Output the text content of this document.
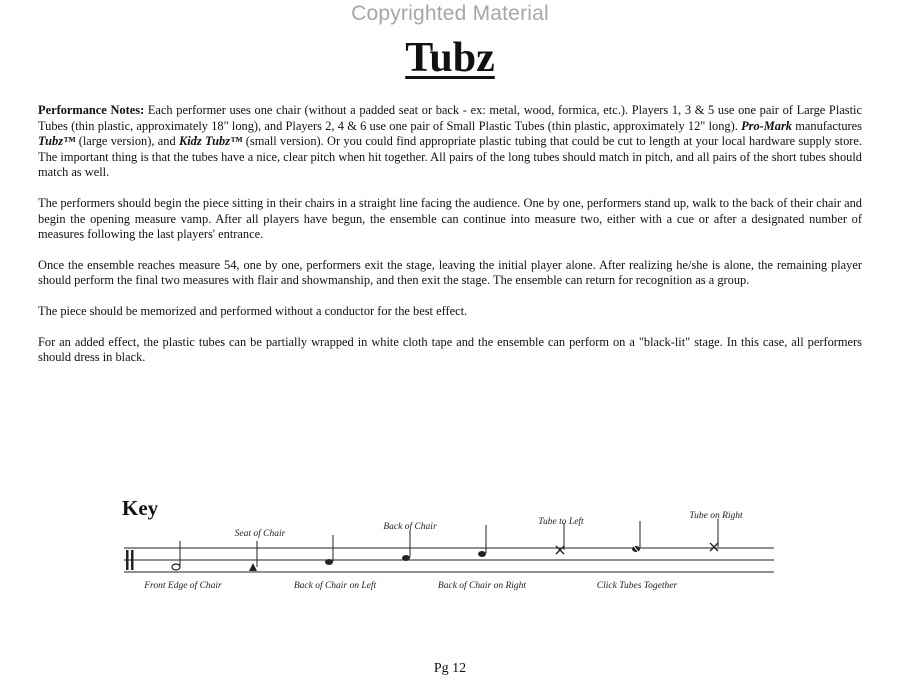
Copyrighted Material
Tubz

Performance Notes: Each performer uses one chair (without a padded seat or back - ex: metal, wood, formica, etc.). Players 1, 3 & 5 use one pair of Large Plastic Tubes (thin plastic, approximately 18" long), and Players 2, 4 & 6 use one pair of Small Plastic Tubes (thin plastic, approximately 12" long). Pro-Mark manufactures Tubz™ (large version), and Kidz Tubz™ (small version). Or you could find appropriate plastic tubing that could be cut to length at your local hardware supply store. The important thing is that the tubes have a nice, clear pitch when hit together. All pairs of the long tubes should match in pitch, and all pairs of the short tubes should match as well.

The performers should begin the piece sitting in their chairs in a straight line facing the audience. One by one, performers stand up, walk to the back of their chair and begin the opening measure vamp. After all players have begun, the ensemble can continue into measure two, either with a cue or after a designated number of measures following the last players' entrance.

Once the ensemble reaches measure 54, one by one, performers exit the stage, leaving the initial player alone. After realizing he/she is alone, the remaining player should perform the final two measures with flair and showmanship, and then exit the stage. The ensemble can return for recognition as a group.

The piece should be memorized and performed without a conductor for the best effect.

For an added effect, the plastic tubes can be partially wrapped in white cloth tape and the ensemble can perform on a "black-lit" stage. In this case, all performers should dress in black.

Key
Seat of Chair
Back of Chair	Tube to Left
Tube on Right
Front Edge of Chair	Back of Chair on Left	Back of Chair on Right	Click Tubes Together
Pg 12
